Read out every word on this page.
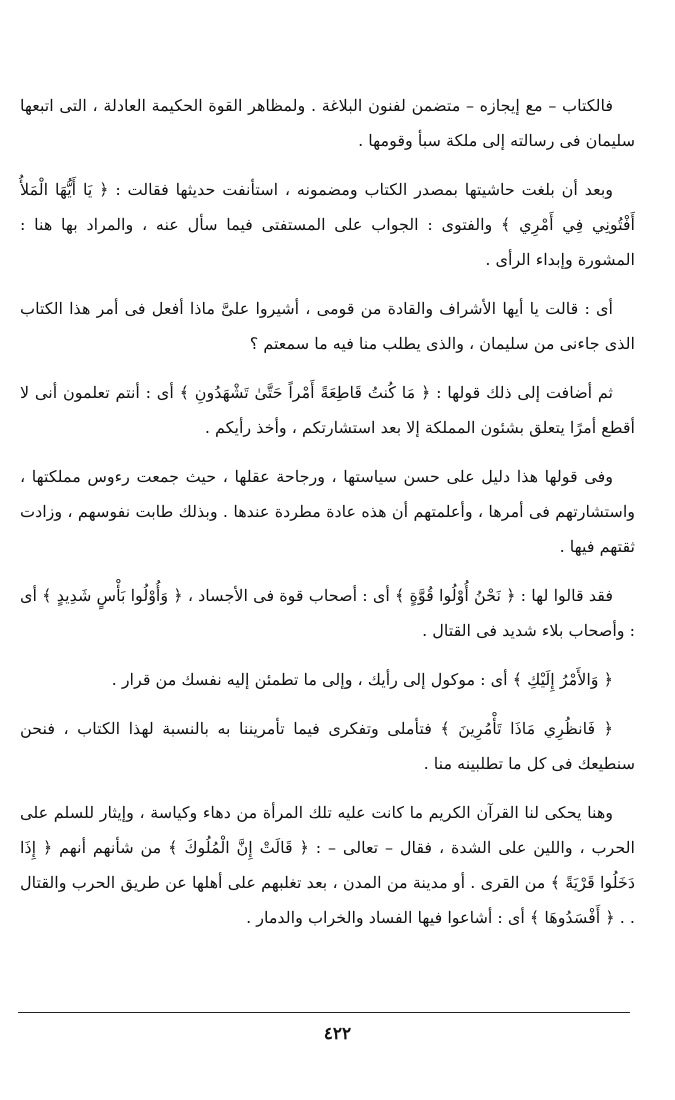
فالكتاب – مع إيجازه – متضمن لفنون البلاغة . ولمظاهر القوة الحكيمة العادلة ، التى اتبعها سليمان فى رسالته إلى ملكة سبأ وقومها .

وبعد أن بلغت حاشيتها بمصدر الكتاب ومضمونه ، استأنفت حديثها فقالت : ﴿ يَا أَيُّهَا الْمَلأُ أَفْتُونِي فِي أَمْرِي ﴾ والفتوى : الجواب على المستفتى فيما سأل عنه ، والمراد بها هنا : المشورة وإبداء الرأى .

أى : قالت يا أيها الأشراف والقادة من قومى ، أشيروا علىَّ ماذا أفعل فى أمر هذا الكتاب الذى جاءنى من سليمان ، والذى يطلب منا فيه ما سمعتم ؟

ثم أضافت إلى ذلك قولها : ﴿ مَا كُنتُ قَاطِعَةً أَمْراً حَتَّىٰ تَشْهَدُونِ ﴾ أى : أنتم تعلمون أنى لا أقطع أمرًا يتعلق بشئون المملكة إلا بعد استشارتكم ، وأخذ رأيكم .

وفى قولها هذا دليل على حسن سياستها ، ورجاحة عقلها ، حيث جمعت رءوس مملكتها ، واستشارتهم فى أمرها ، وأعلمتهم أن هذه عادة مطردة عندها . وبذلك طابت نفوسهم ، وزادت ثقتهم فيها .

فقد قالوا لها : ﴿ نَحْنُ أُوْلُوا قُوَّةٍ ﴾ أى : أصحاب قوة فى الأجساد ، ﴿ وَأُوْلُوا بَأْسٍ شَدِيدٍ ﴾ أى : وأصحاب بلاء شديد فى القتال .

﴿ وَالأَمْرُ إِلَيْكِ ﴾ أى : موكول إلى رأيك ، وإلى ما تطمئن إليه نفسك من قرار .

﴿ فَانظُرِي مَاذَا تَأْمُرِينَ ﴾ فتأملى وتفكرى فيما تأمريننا به بالنسبة لهذا الكتاب ، فنحن سنطيعك فى كل ما تطلبينه منا .

وهنا يحكى لنا القرآن الكريم ما كانت عليه تلك المرأة من دهاء وكياسة ، وإيثار للسلم على الحرب ، واللين على الشدة ، فقال – تعالى – : ﴿ قَالَتْ إِنَّ الْمُلُوكَ ﴾ من شأنهم أنهم ﴿ إِذَا دَخَلُوا قَرْيَةً ﴾ من القرى . أو مدينة من المدن ، بعد تغلبهم على أهلها عن طريق الحرب والقتال . . ﴿ أَفْسَدُوهَا ﴾ أى : أشاعوا فيها الفساد والخراب والدمار .

٤٢٢
